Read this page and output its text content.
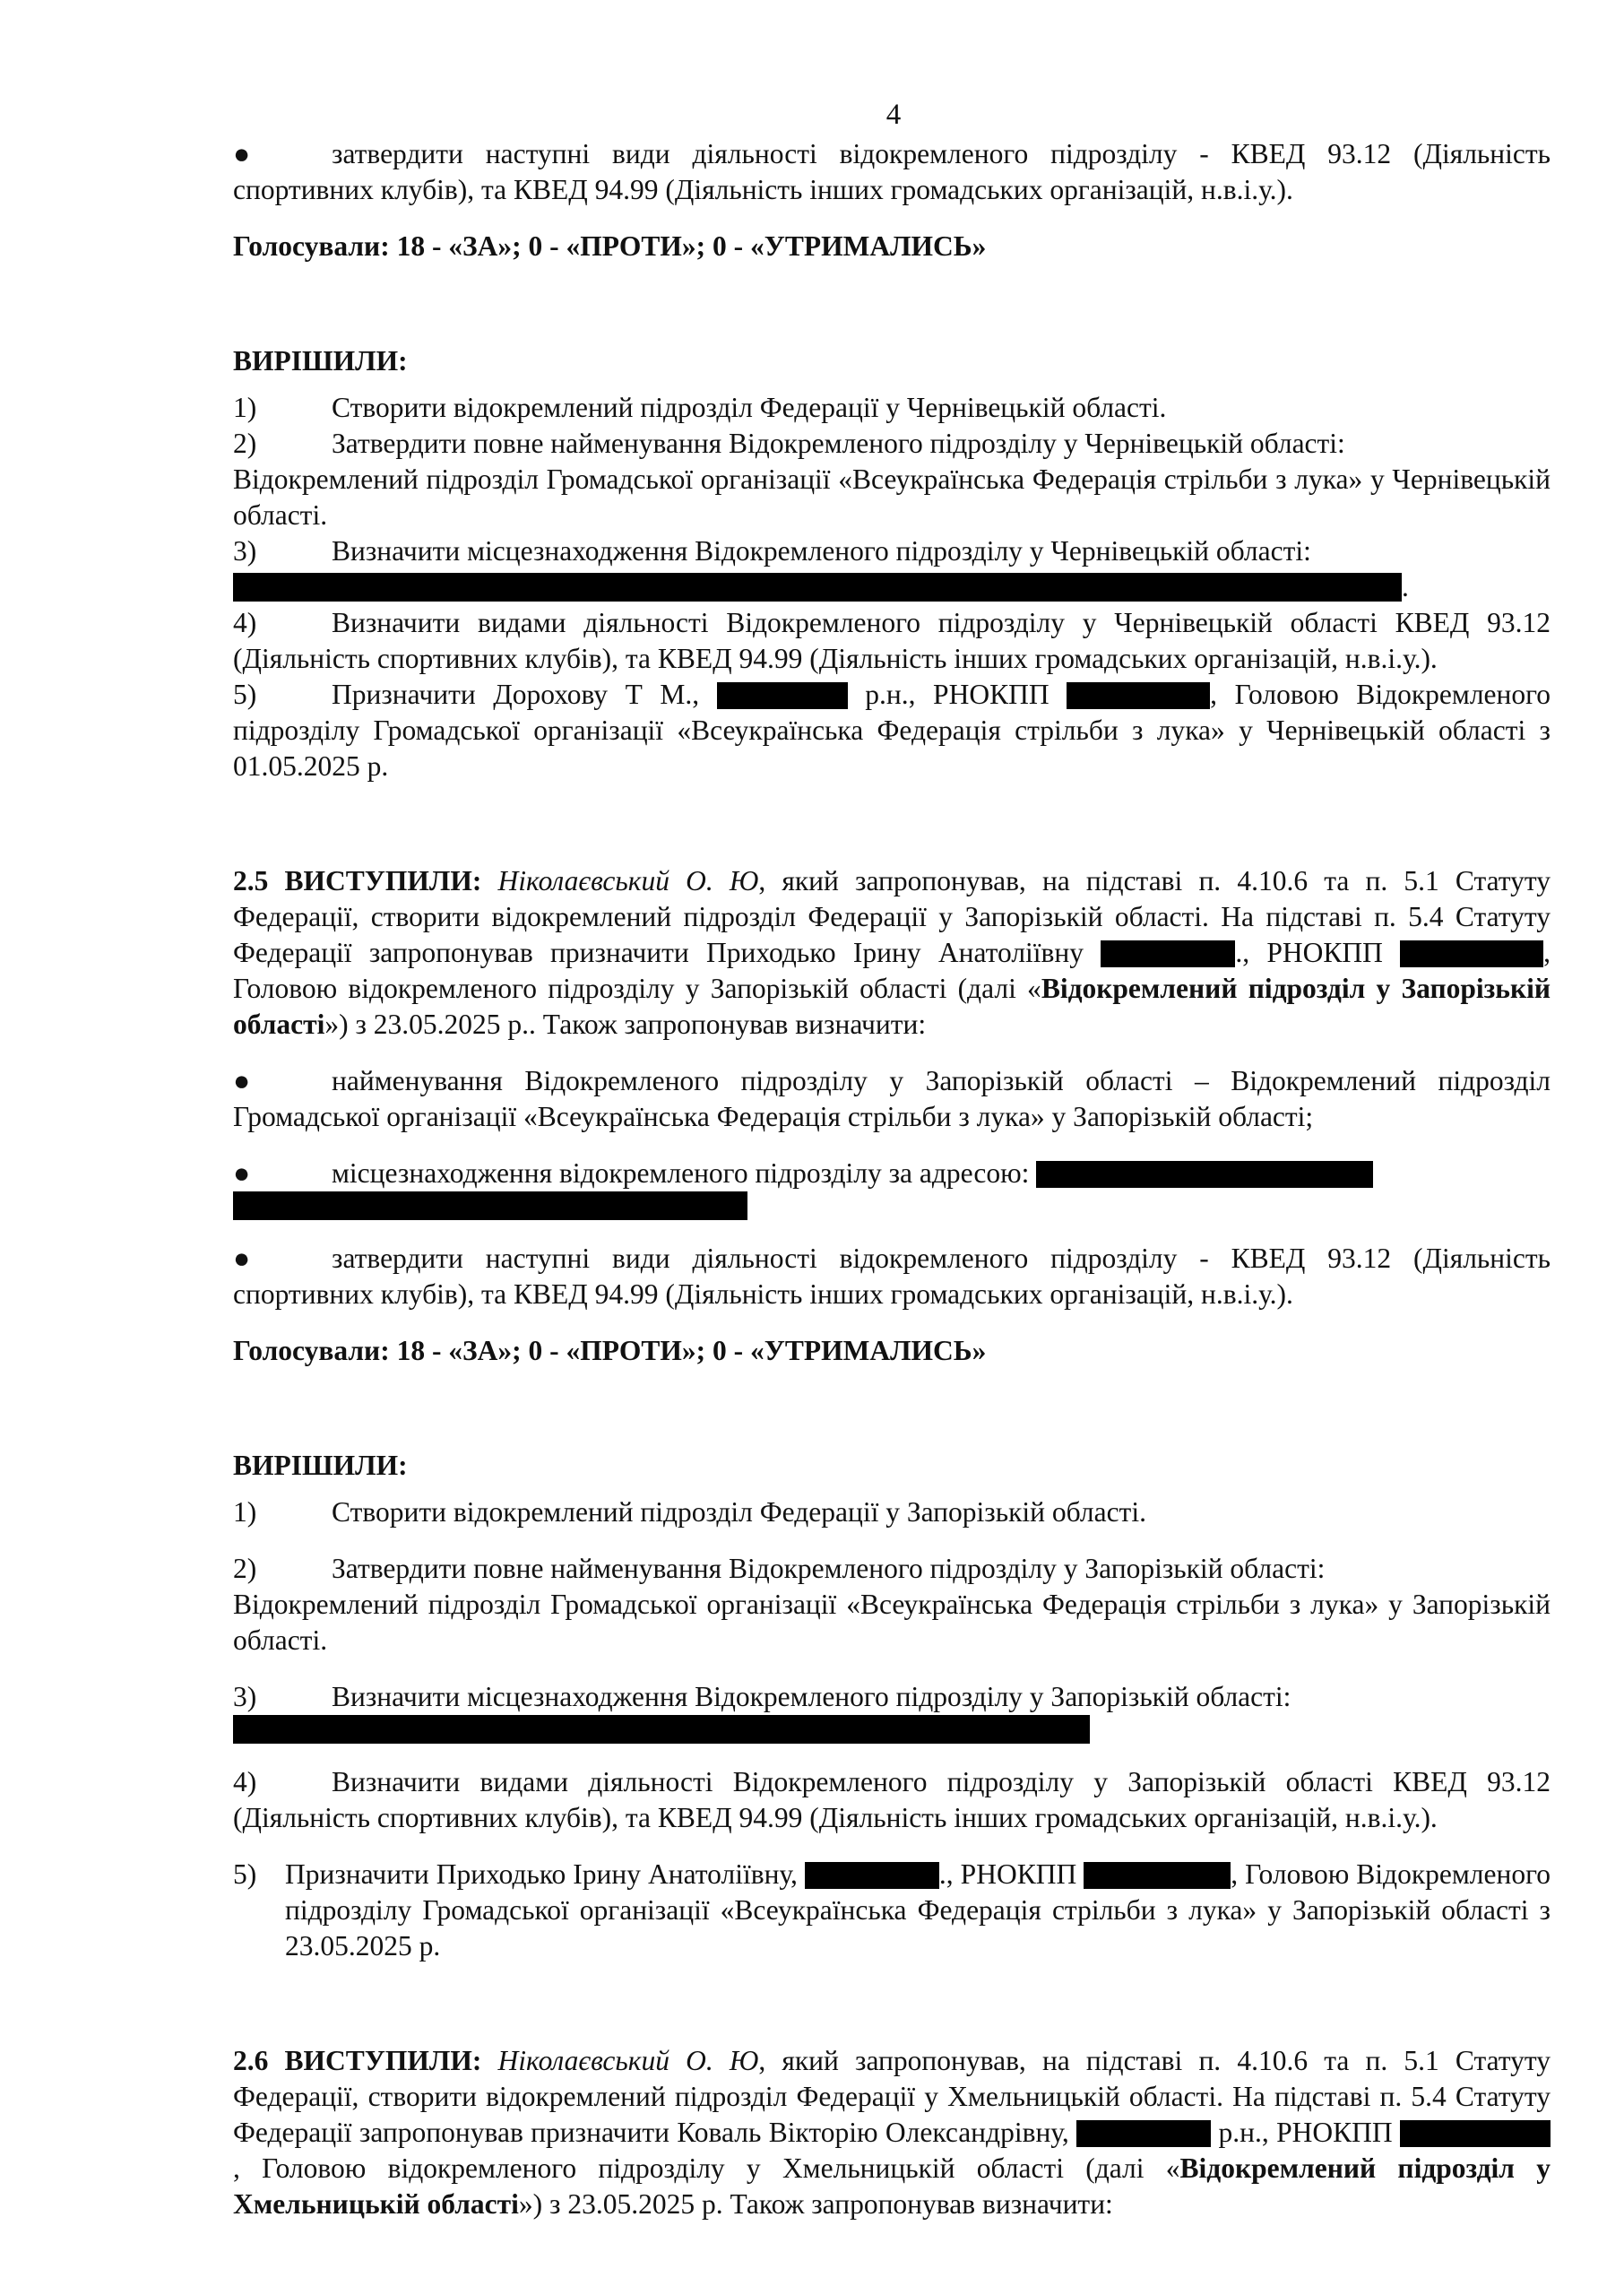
4

●	затвердити наступні види діяльності відокремленого підрозділу - КВЕД 93.12 (Діяльність спортивних клубів), та КВЕД 94.99 (Діяльність інших громадських організацій, н.в.і.у.).

Голосували: 18 - «ЗА»; 0 - «ПРОТИ»; 0 - «УТРИМАЛИСЬ»

ВИРІШИЛИ:

1)	Створити відокремлений підрозділ Федерації у Чернівецькій області.

2)	Затвердити повне найменування Відокремленого підрозділу у Чернівецькій області:

Відокремлений підрозділ Громадської організації «Всеукраїнська Федерація стрільби з лука» у Чернівецькій області.

3)	Визначити місцезнаходження Відокремленого підрозділу у Чернівецькій області:

.

4)	Визначити видами діяльності Відокремленого підрозділу у Чернівецькій області КВЕД 93.12 (Діяльність спортивних клубів), та КВЕД 94.99 (Діяльність інших громадських організацій, н.в.і.у.).

5)	Призначити Дорохову Т М.,	р.н., РНОКПП	, Головою Відокремленого підрозділу Громадської організації «Всеукраїнська Федерація стрільби з лука» у Чернівецькій області з 01.05.2025 р.

2.5 ВИСТУПИЛИ: Ніколаєвський О. Ю, який запропонував, на підставі п. 4.10.6 та п. 5.1 Статуту Федерації, створити відокремлений підрозділ Федерації у Запорізькій області. На підставі п. 5.4 Статуту Федерації запропонував призначити Приходько Ірину Анатоліївну	., РНОКПП	, Головою відокремленого підрозділу у Запорізькій області (далі «Відокремлений підрозділ у Запорізькій області») з 23.05.2025 р.. Також запропонував визначити:

●	найменування Відокремленого підрозділу у Запорізькій області – Відокремлений підрозділ Громадської організації «Всеукраїнська Федерація стрільби з лука» у Запорізькій області;

●	місцезнаходження відокремленого підрозділу за адресою:

●	затвердити наступні види діяльності відокремленого підрозділу - КВЕД 93.12 (Діяльність спортивних клубів), та КВЕД 94.99 (Діяльність інших громадських організацій, н.в.і.у.).

Голосували: 18 - «ЗА»; 0 - «ПРОТИ»; 0 - «УТРИМАЛИСЬ»

ВИРІШИЛИ:

1)	Створити відокремлений підрозділ Федерації у Запорізькій області.

2)	Затвердити повне найменування Відокремленого підрозділу у Запорізькій області:

Відокремлений підрозділ Громадської організації «Всеукраїнська Федерація стрільби з лука» у Запорізькій області.

3)	Визначити місцезнаходження Відокремленого підрозділу у Запорізькій області:

4)	Визначити видами діяльності Відокремленого підрозділу у Запорізькій області КВЕД 93.12 (Діяльність спортивних клубів), та КВЕД 94.99 (Діяльність інших громадських організацій, н.в.і.у.).

5) Призначити Приходько Ірину Анатоліївну,	., РНОКПП	, Головою Відокремленого підрозділу Громадської організації «Всеукраїнська Федерація стрільби з лука» у Запорізькій області з 23.05.2025 р.

2.6 ВИСТУПИЛИ: Ніколаєвський О. Ю, який запропонував, на підставі п. 4.10.6 та п. 5.1 Статуту Федерації, створити відокремлений підрозділ Федерації у Хмельницькій області. На підставі п. 5.4 Статуту Федерації запропонував призначити Коваль Вікторію Олександрівну,	р.н., РНОКПП , Головою відокремленого підрозділу у Хмельницькій області (далі «Відокремлений підрозділ у Хмельницькій області») з 23.05.2025 р. Також запропонував визначити:
